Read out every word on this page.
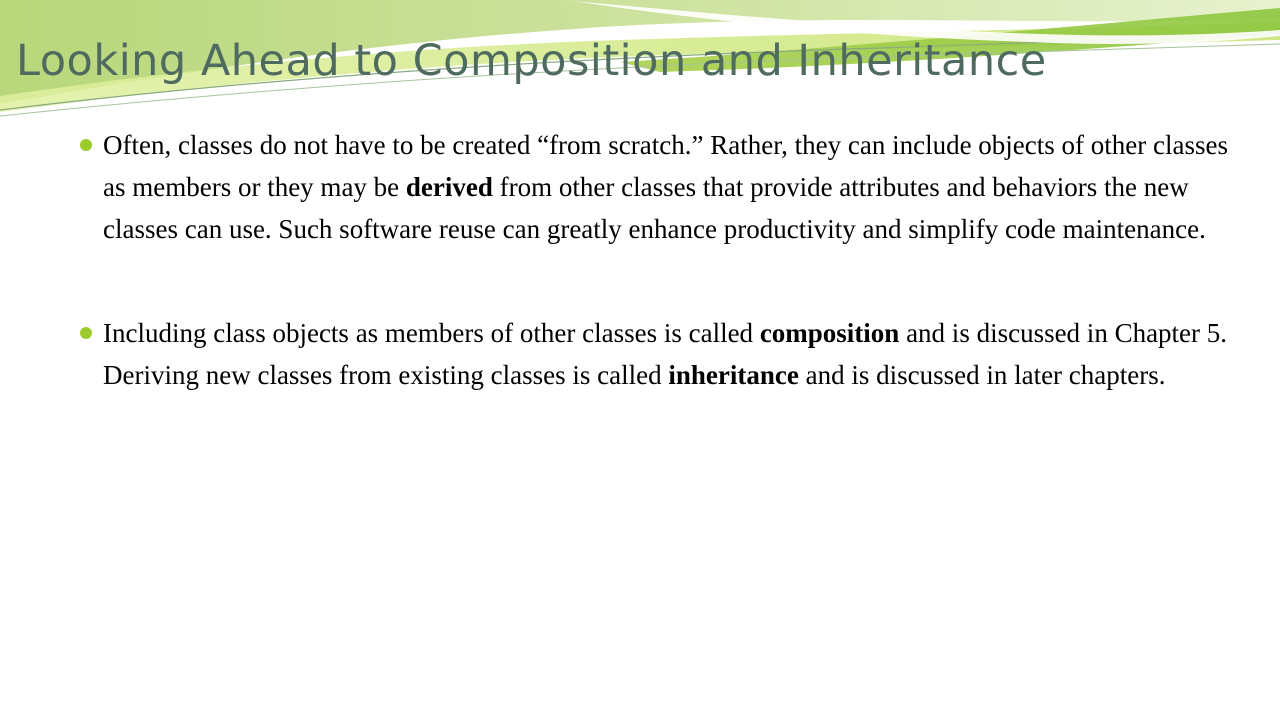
Looking Ahead to Composition and Inheritance

Often, classes do not have to be created “from scratch.” Rather, they can include objects of other classes as members or they may be derived from other classes that provide attributes and behaviors the new classes can use. Such software reuse can greatly enhance productivity and simplify code maintenance.

Including class objects as members of other classes is called composition and is discussed in Chapter 5. Deriving new classes from existing classes is called inheritance and is discussed in later chapters.
